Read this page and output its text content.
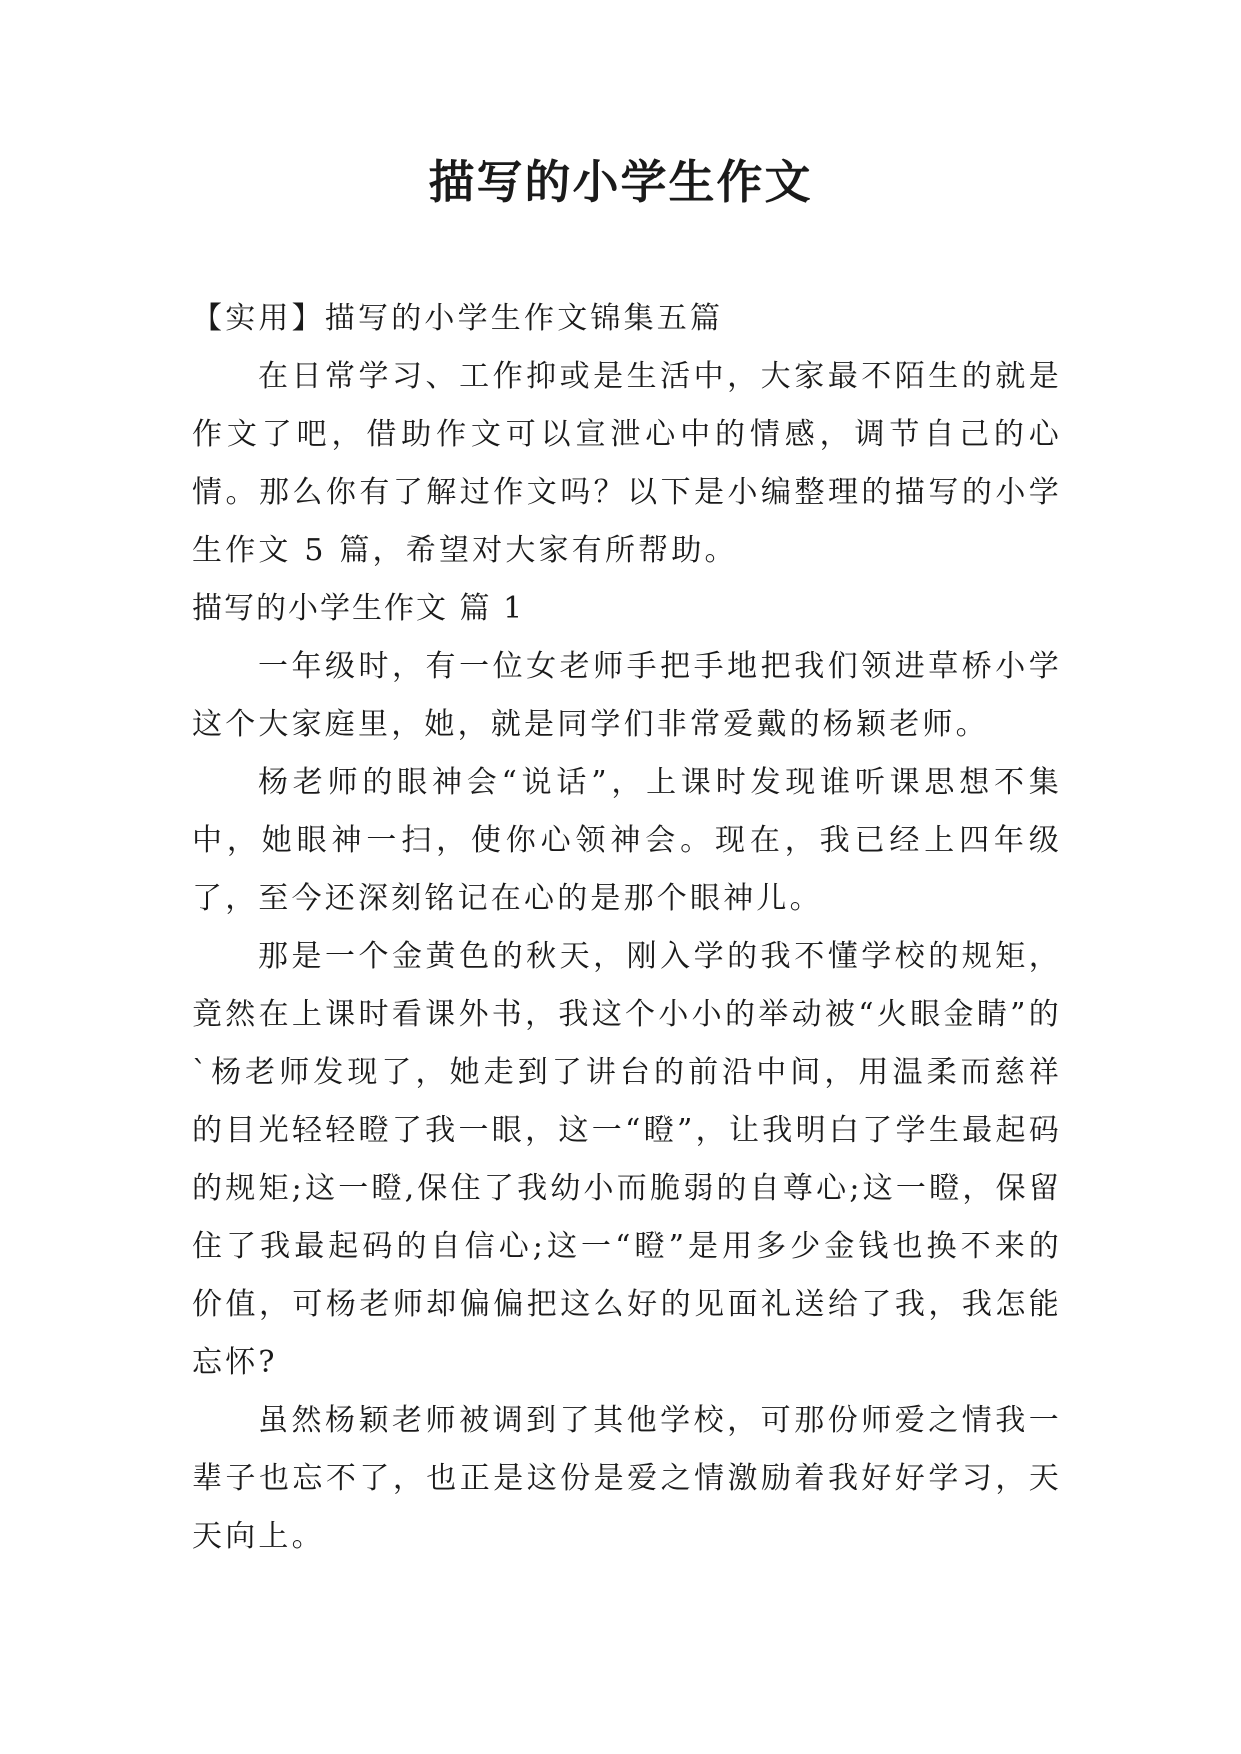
描写的小学生作文

【实用】描写的小学生作文锦集五篇

在日常学习、工作抑或是生活中，大家最不陌生的就是作文了吧，借助作文可以宣泄心中的情感，调节自己的心情。那么你有了解过作文吗？以下是小编整理的描写的小学生作文 5 篇，希望对大家有所帮助。

描写的小学生作文 篇 1

一年级时，有一位女老师手把手地把我们领进草桥小学这个大家庭里，她，就是同学们非常爱戴的杨颖老师。

杨老师的眼神会“说话”，上课时发现谁听课思想不集中，她眼神一扫，使你心领神会。现在，我已经上四年级了，至今还深刻铭记在心的是那个眼神儿。

那是一个金黄色的秋天，刚入学的我不懂学校的规矩，竟然在上课时看课外书，我这个小小的举动被“火眼金睛”的`杨老师发现了，她走到了讲台的前沿中间，用温柔而慈祥的目光轻轻瞪了我一眼，这一“瞪”，让我明白了学生最起码的规矩;这一瞪,保住了我幼小而脆弱的自尊心;这一瞪，保留住了我最起码的自信心;这一“瞪”是用多少金钱也换不来的价值，可杨老师却偏偏把这么好的见面礼送给了我，我怎能忘怀?

虽然杨颖老师被调到了其他学校，可那份师爱之情我一辈子也忘不了，也正是这份是爱之情激励着我好好学习，天天向上。
